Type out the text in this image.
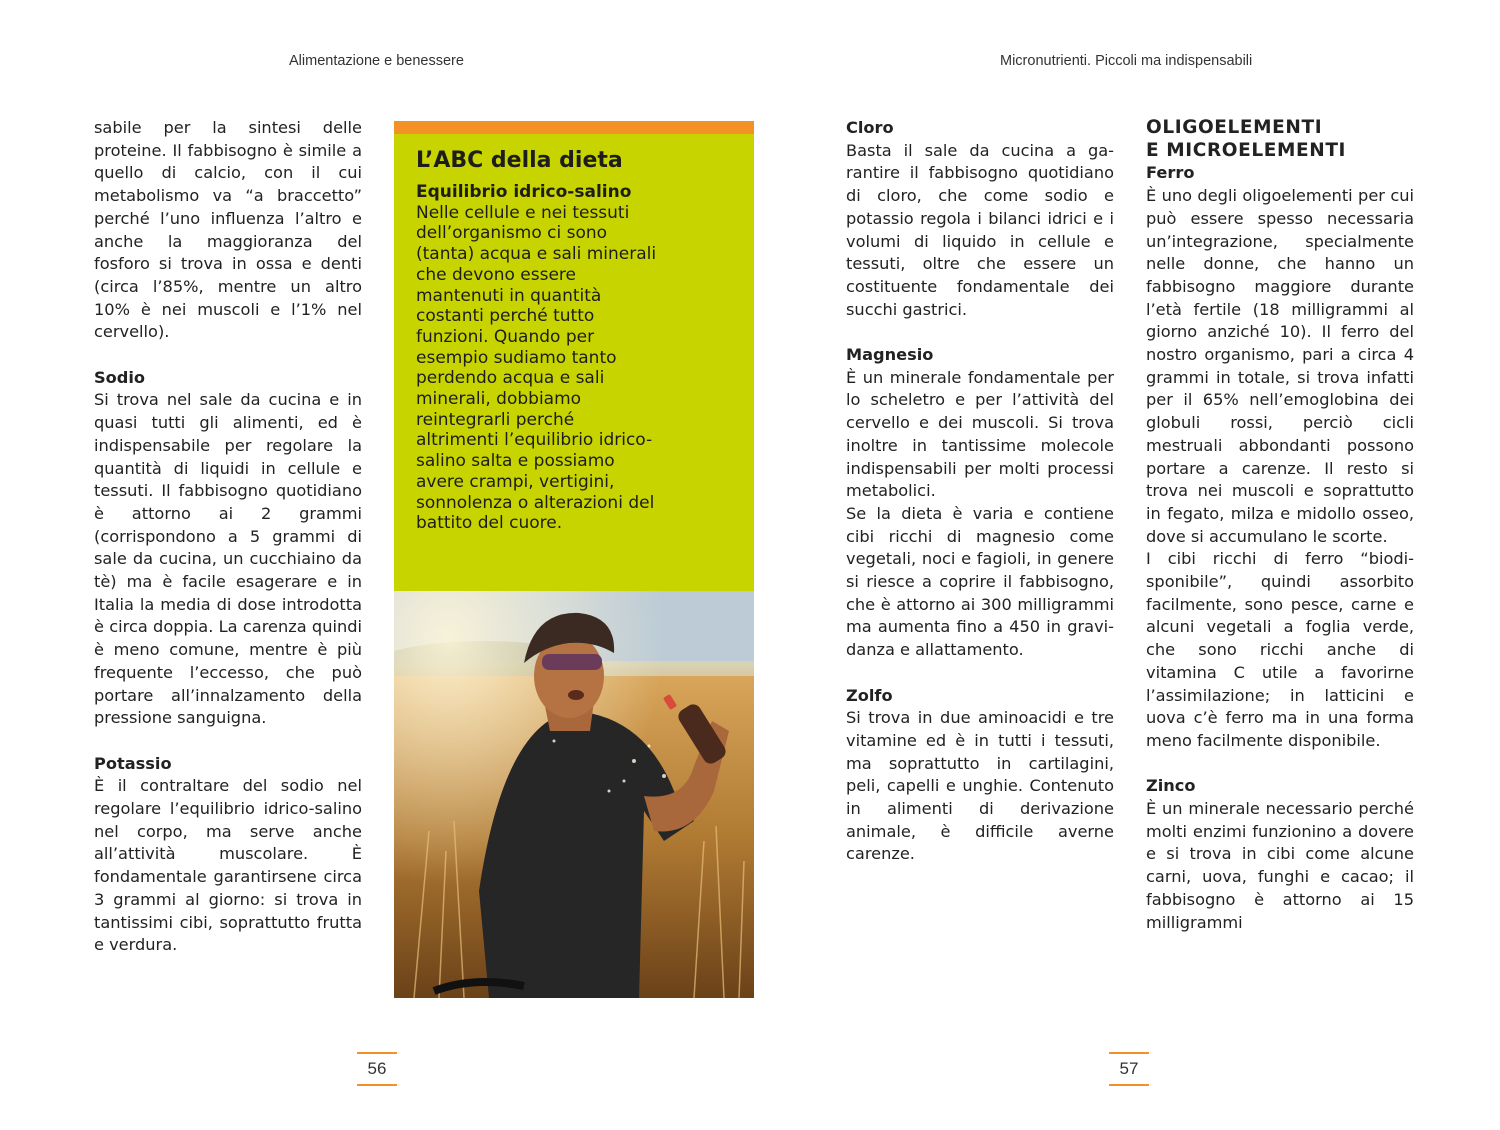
Alimentazione e benessere	Micronutrienti. Piccoli ma indispensabili

sabile per la sintesi delle proteine. Il fabbisogno è simile a quello di calcio, con il cui metabolismo va “a braccetto” perché l’uno influenza l’altro e anche la maggioranza del fosforo si trova in ossa e denti (circa l’85%, mentre un altro 10% è nei muscoli e l’1% nel cervello).

Sodio

Si trova nel sale da cucina e in quasi tutti gli alimenti, ed è indispensabile per regolare la quantità di liquidi in cellule e tessuti. Il fabbisogno quotidiano è attorno ai 2 grammi (corrispondono a 5 grammi di sale da cucina, un cucchiaino da tè) ma è facile esagerare e in Italia la media di dose introdotta è circa doppia. La carenza quindi è meno comune, mentre è più frequente l’eccesso, che può portare all’innalzamento della pressione sanguigna.

Potassio

È il contraltare del sodio nel regolare l’equilibrio idrico-salino nel corpo, ma serve anche all’attività muscolare. È fondamentale garantirsene circa 3 grammi al giorno: si trova in tantissimi cibi, soprattutto frutta e verdura.

L’ABC della dieta

Equilibrio idrico-salino

Nelle cellule e nei tessuti dell’organismo ci sono (tanta) acqua e sali minerali che devono essere mantenuti in quantità costanti perché tutto funzioni. Quando per esempio sudiamo tanto perdendo acqua e sali minerali, dobbiamo reintegrarli perché altrimenti l’equilibrio idrico-salino salta e possiamo avere crampi, vertigini, sonnolenza o alterazioni del battito del cuore.

Cloro

Basta il sale da cucina a garantire il fabbisogno quotidiano di cloro, che come sodio e potassio regola i bilanci idrici e i volumi di liquido in cellule e tessuti, oltre che essere un costituente fondamentale dei succhi gastrici.

Magnesio

È un minerale fondamentale per lo scheletro e per l’attività del cervello e dei muscoli. Si trova inoltre in tantissime molecole indispensabili per molti processi metabolici.

Se la dieta è varia e contiene cibi ricchi di magnesio come vegetali, noci e fagioli, in genere si riesce a coprire il fabbisogno, che è attorno ai 300 milligrammi ma aumenta fino a 450 in gravidanza e allattamento.

Zolfo

Si trova in due aminoacidi e tre vitamine ed è in tutti i tessuti, ma soprattutto in cartilagini, peli, capelli e unghie. Contenuto in alimenti di derivazione animale, è difficile averne carenze.

OLIGOELEMENTI
E MICROELEMENTI
Ferro

È uno degli oligoelementi per cui può essere spesso necessaria un’integrazione, specialmente nelle donne, che hanno un fabbisogno maggiore durante l’età fertile (18 milligrammi al giorno anziché 10). Il ferro del nostro organismo, pari a circa 4 grammi in totale, si trova infatti per il 65% nell’emoglobina dei globuli rossi, perciò cicli mestruali abbondanti possono portare a carenze. Il resto si trova nei muscoli e soprattutto in fegato, milza e midollo osseo, dove si accumulano le scorte.

I cibi ricchi di ferro “biodisponibile”, quindi assorbito facilmente, sono pesce, carne e alcuni vegetali a foglia verde, che sono ricchi anche di vitamina C utile a favorirne l’assimilazione; in latticini e uova c’è ferro ma in una forma meno facilmente disponibile.

Zinco

È un minerale necessario perché molti enzimi funzionino a dovere e si trova in cibi come alcune carni, uova, funghi e cacao; il fabbisogno è attorno ai 15 milligrammi

56	57
